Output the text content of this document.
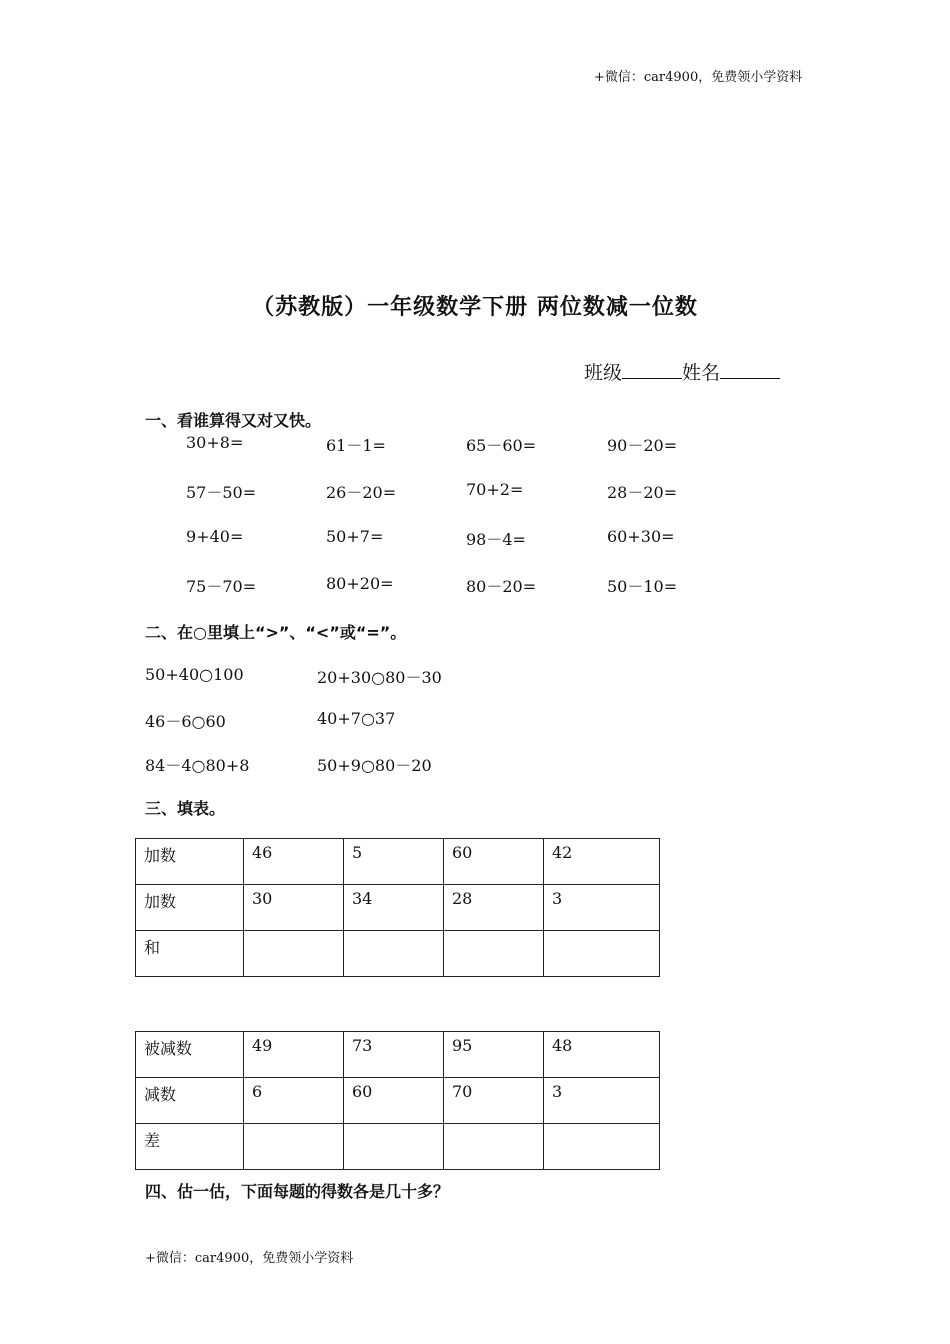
+微信：car4900，免费领小学资料
（苏教版）一年级数学下册 两位数减一位数
班级	姓名
一、看谁算得又对又快。
30+8=	61－1=	65－60=	90－20=
57－50=	26－20=	70+2=	28－20=
9+40=	50+7=	98－4=	60+30=
75－70=	80+20=	80－20=	50－10=
二、在○里填上“>”、“<”或“=”。
50+40○100	20+30○80－30
46－6○60	40+7○37
84－4○80+8	50+9○80－20
三、填表。
加数	46	5	60	42
加数	30	34	28	3
和				
被减数	49	73	95	48
减数	6	60	70	3
差				
四、估一估，下面每题的得数各是几十多？
+微信：car4900，免费领小学资料
